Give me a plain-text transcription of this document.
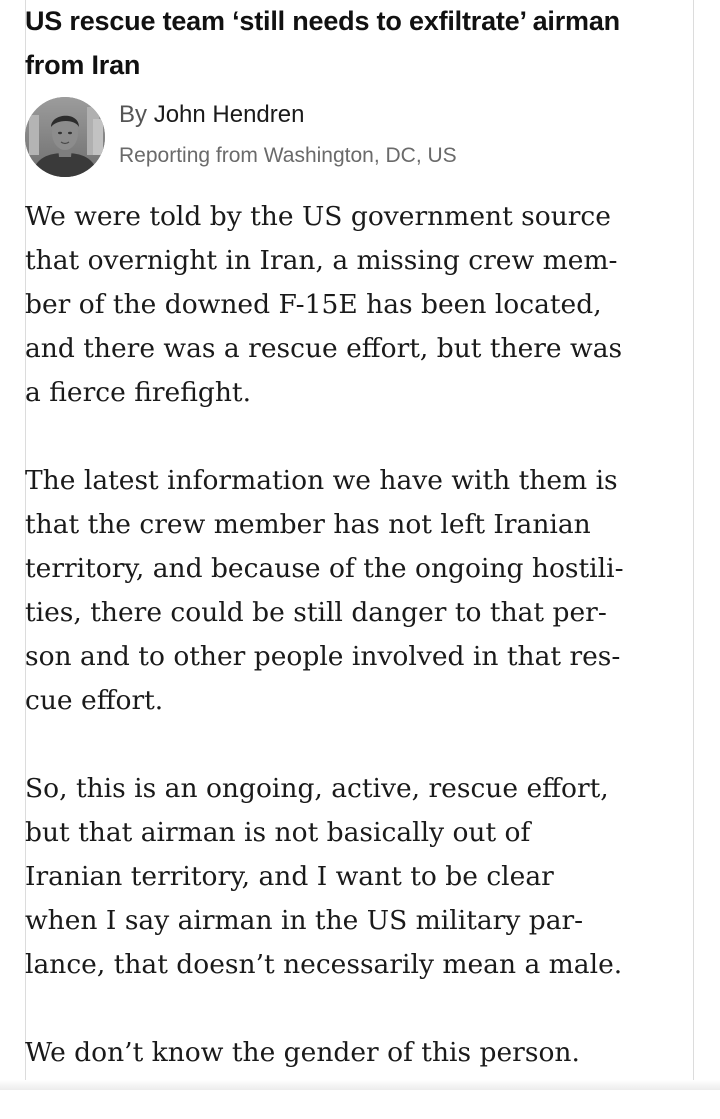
US rescue team ‘still needs to exfiltrate’ airman
from Iran
By John Hendren
Reporting from Washington, DC, US

We were told by the US government source
that overnight in Iran, a missing crew mem-
ber of the downed F-15E has been located,
and there was a rescue effort, but there was
a fierce firefight.

The latest information we have with them is
that the crew member has not left Iranian
territory, and because of the ongoing hostili-
ties, there could be still danger to that per-
son and to other people involved in that res-
cue effort.

So, this is an ongoing, active, rescue effort,
but that airman is not basically out of
Iranian territory, and I want to be clear
when I say airman in the US military par-
lance, that doesn’t necessarily mean a male.

We don’t know the gender of this person.
